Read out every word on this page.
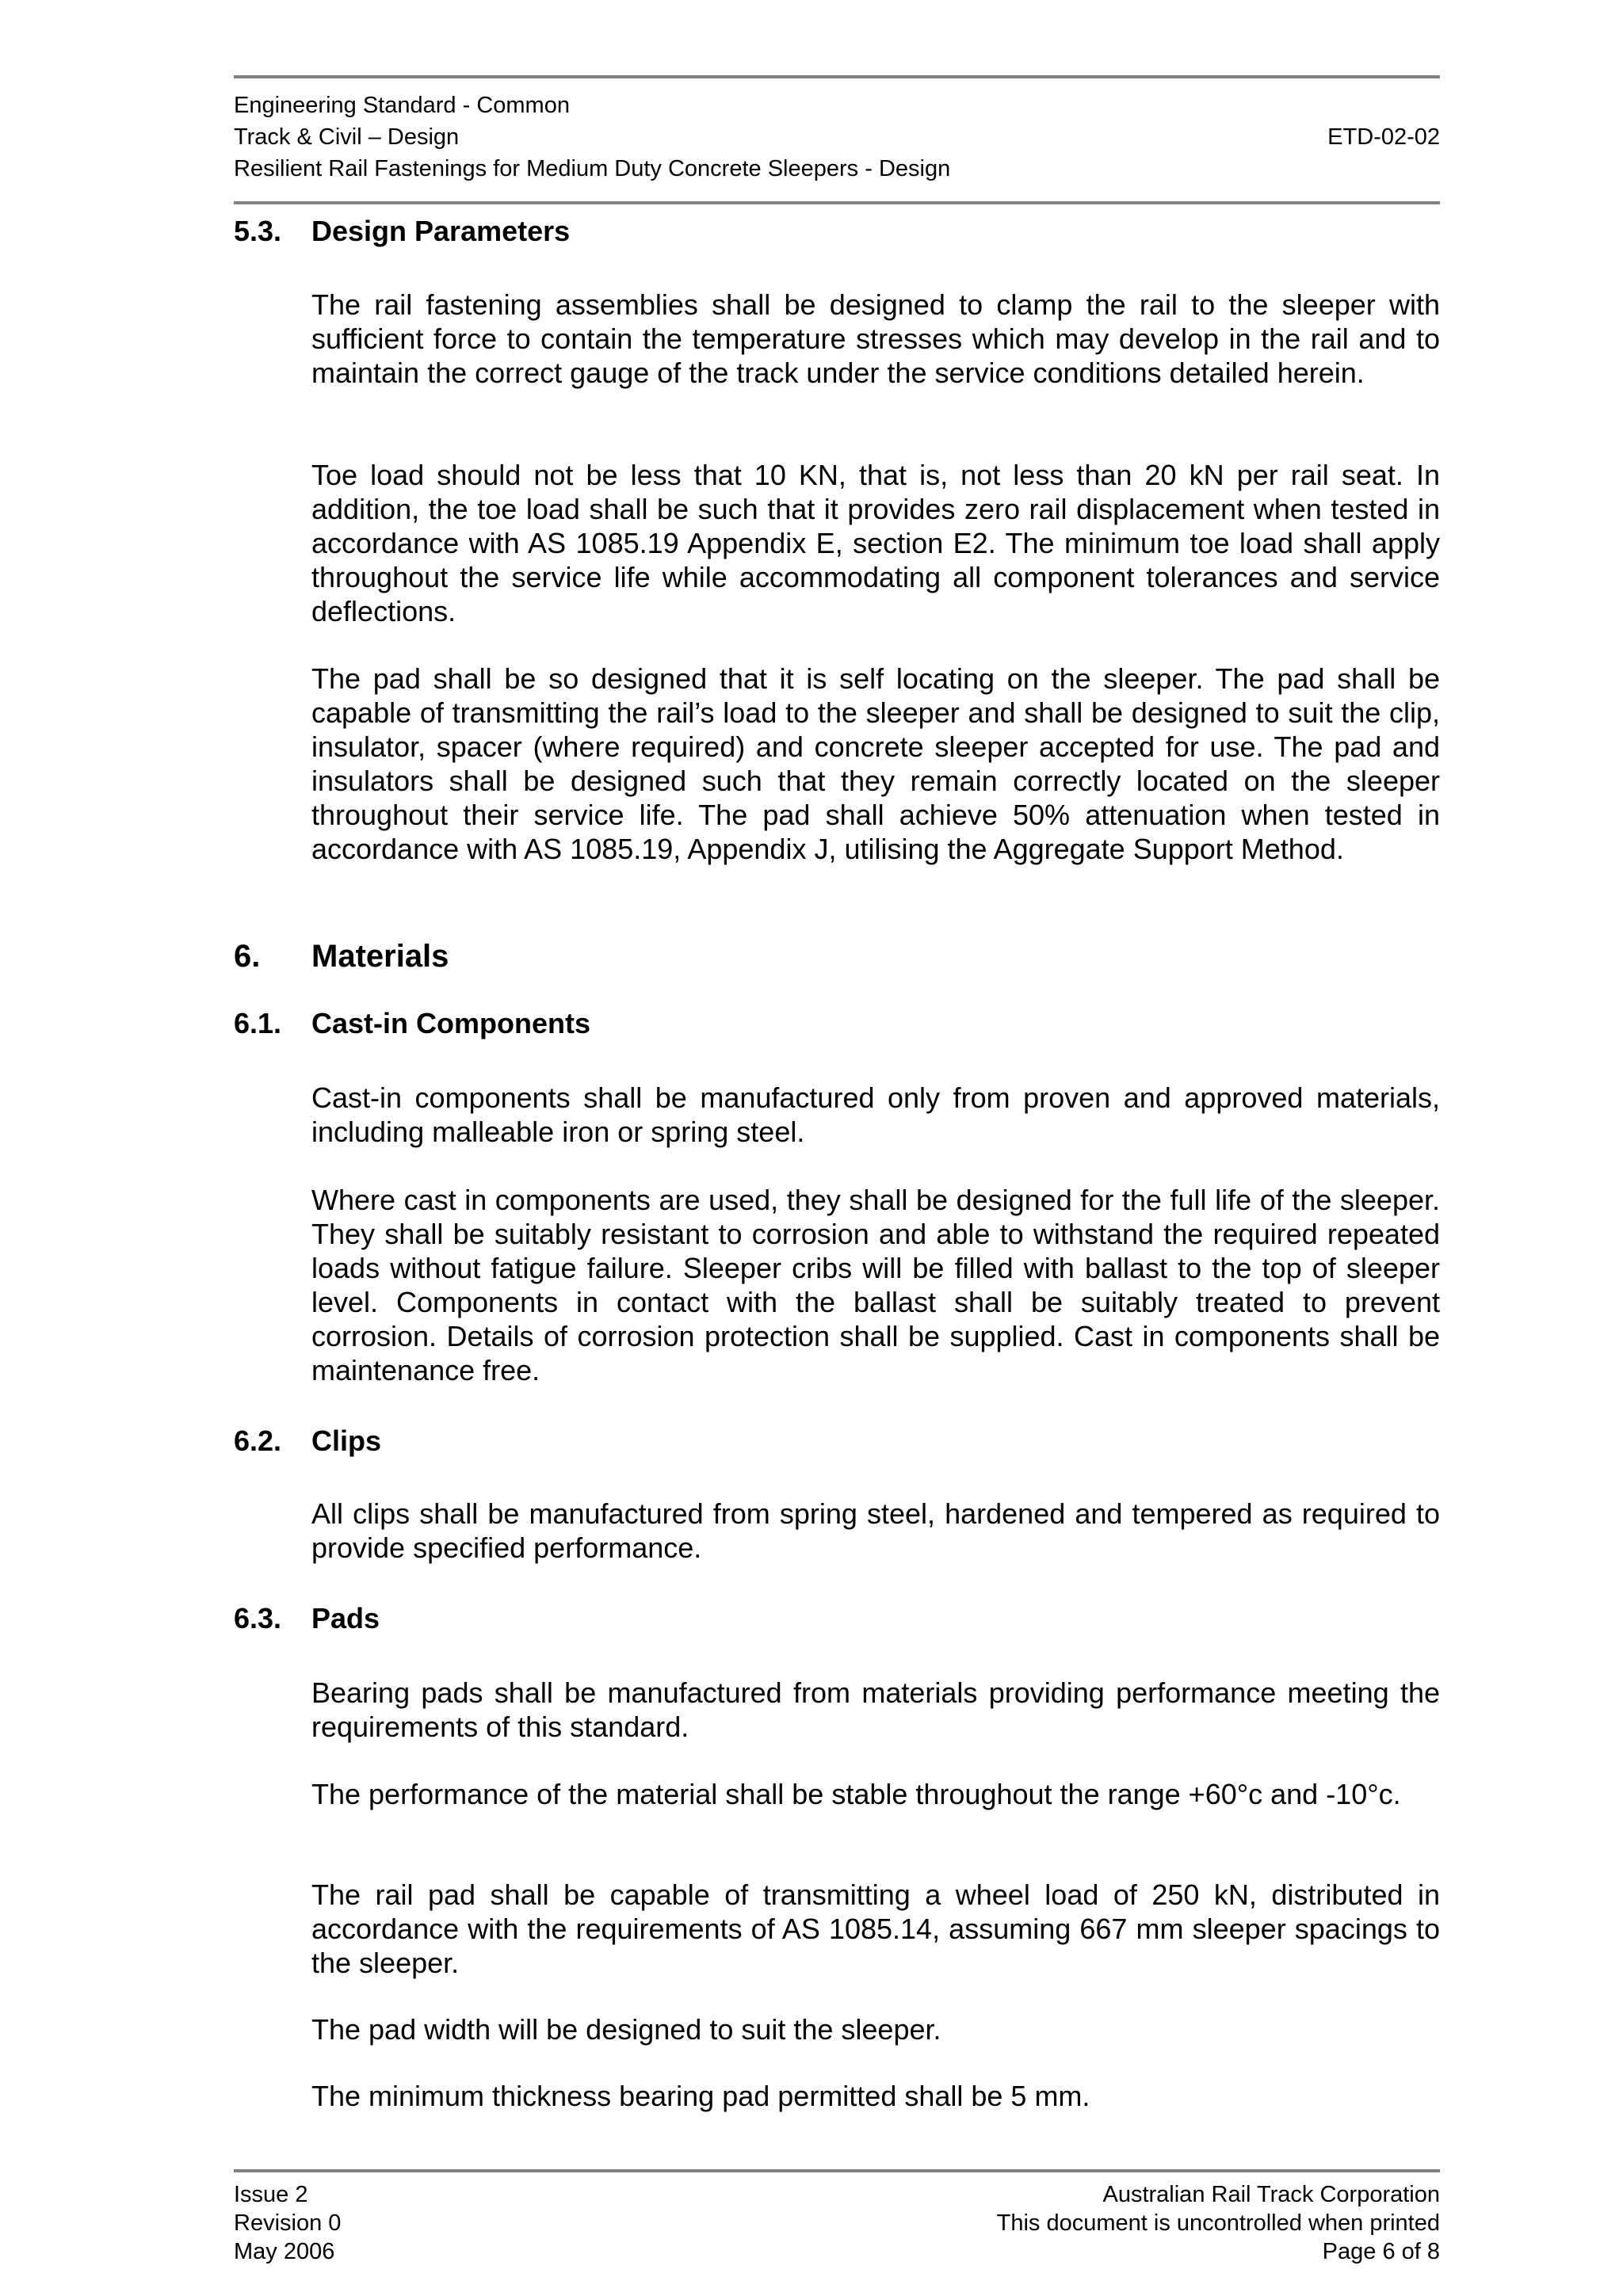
Engineering Standard - Common
Track & Civil – Design	ETD-02-02
Resilient Rail Fastenings for Medium Duty Concrete Sleepers - Design
5.3. Design Parameters

The rail fastening assemblies shall be designed to clamp the rail to the sleeper with sufficient force to contain the temperature stresses which may develop in the rail and to maintain the correct gauge of the track under the service conditions detailed herein.

Toe load should not be less that 10 KN, that is, not less than 20 kN per rail seat. In addition, the toe load shall be such that it provides zero rail displacement when tested in accordance with AS 1085.19 Appendix E, section E2. The minimum toe load shall apply throughout the service life while accommodating all component tolerances and service deflections.

The pad shall be so designed that it is self locating on the sleeper. The pad shall be capable of transmitting the rail’s load to the sleeper and shall be designed to suit the clip, insulator, spacer (where required) and concrete sleeper accepted for use. The pad and insulators shall be designed such that they remain correctly located on the sleeper throughout their service life. The pad shall achieve 50% attenuation when tested in accordance with AS 1085.19, Appendix J, utilising the Aggregate Support Method.

6. Materials
6.1. Cast-in Components

Cast-in components shall be manufactured only from proven and approved materials, including malleable iron or spring steel.

Where cast in components are used, they shall be designed for the full life of the sleeper. They shall be suitably resistant to corrosion and able to withstand the required repeated loads without fatigue failure. Sleeper cribs will be filled with ballast to the top of sleeper level. Components in contact with the ballast shall be suitably treated to prevent corrosion. Details of corrosion protection shall be supplied. Cast in components shall be maintenance free.

6.2. Clips

All clips shall be manufactured from spring steel, hardened and tempered as required to provide specified performance.

6.3. Pads

Bearing pads shall be manufactured from materials providing performance meeting the requirements of this standard.

The performance of the material shall be stable throughout the range +60°c and -10°c.

The rail pad shall be capable of transmitting a wheel load of 250 kN, distributed in accordance with the requirements of AS 1085.14, assuming 667 mm sleeper spacings to the sleeper.

The pad width will be designed to suit the sleeper.

The minimum thickness bearing pad permitted shall be 5 mm.

Issue 2
Revision 0
May 2006
Australian Rail Track Corporation
This document is uncontrolled when printed
Page 6 of 8
